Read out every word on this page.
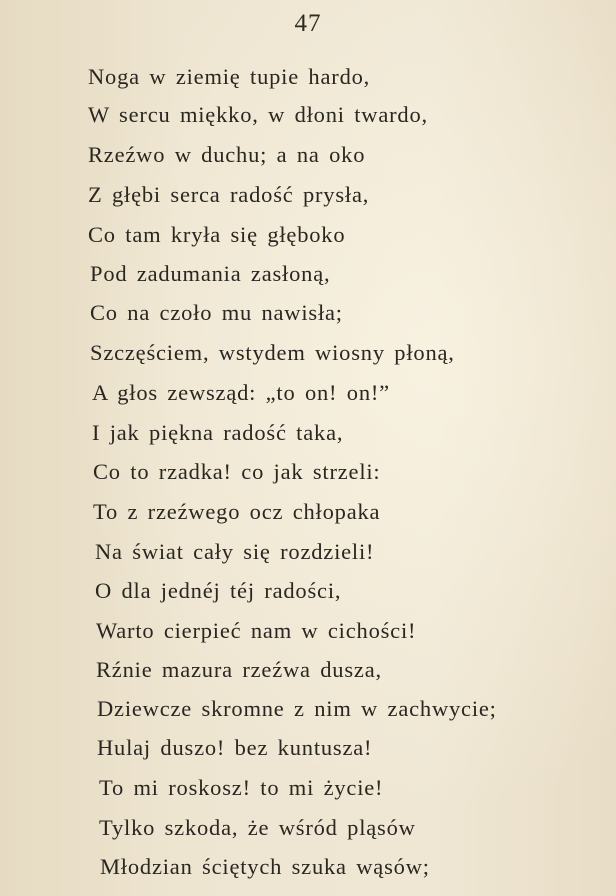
47
Noga w ziemię tupie hardo,
W sercu miękko, w dłoni twardo,
Rzeźwo w duchu; a na oko
Z głębi serca radość prysła,
Co tam kryła się głęboko
Pod zadumania zasłoną,
Co na czoło mu nawisła;
Szczęściem, wstydem wiosny płoną,
A głos zewsząd: „to on! on!”
I jak piękna radość taka,
Co to rzadka! co jak strzeli:
To z rzeźwego ocz chłopaka
Na świat cały się rozdzieli!
O dla jednéj téj radości,
Warto cierpieć nam w cichości!
Rźnie mazura rzeźwa dusza,
Dziewcze skromne z nim w zachwycie;
Hulaj duszo! bez kuntusza!
To mi roskosz! to mi życie!
Tylko szkoda, że wśród pląsów
Młodzian ściętych szuka wąsów;
